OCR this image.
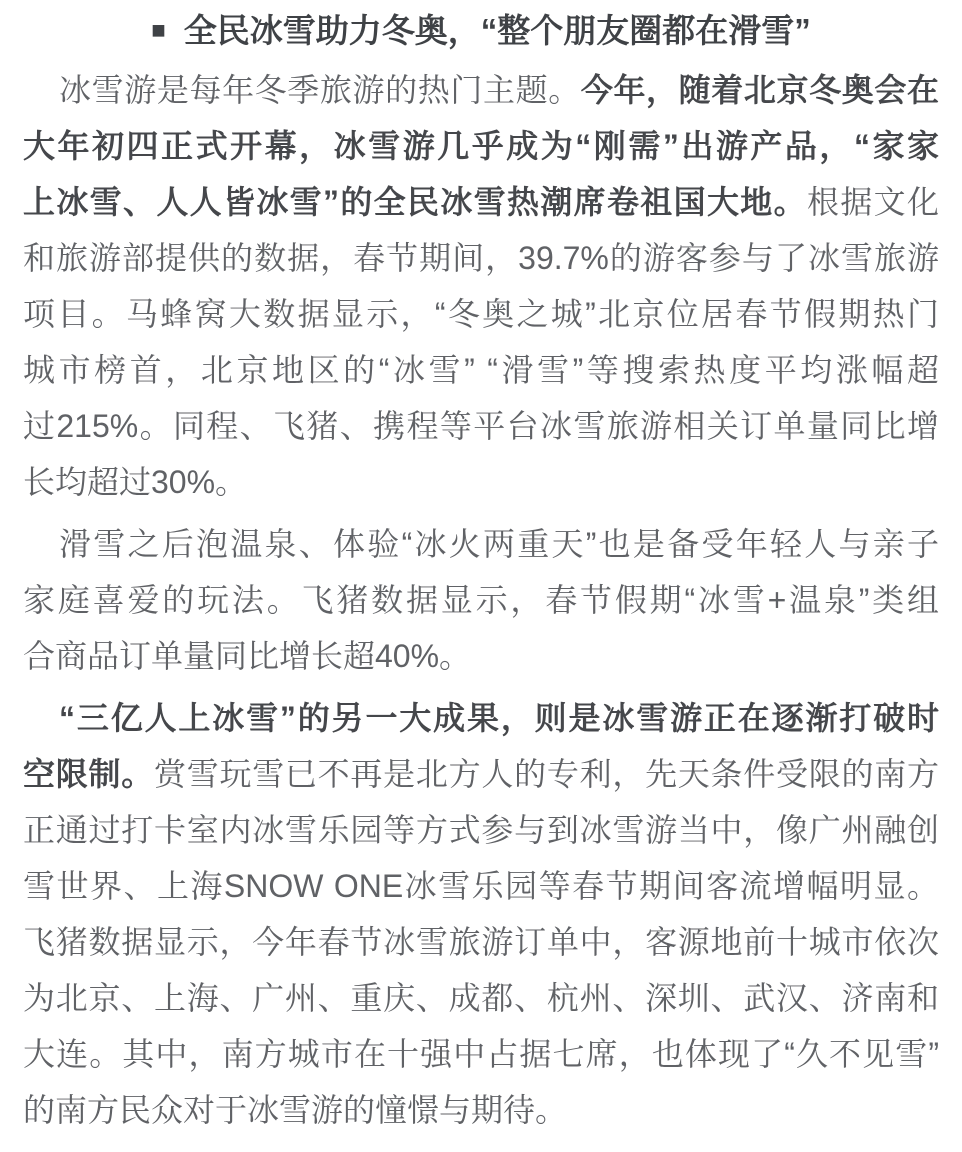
■ 全民冰雪助力冬奥，“整个朋友圈都在滑雪”
冰雪游是每年冬季旅游的热门主题。今年，随着北京冬奥会在
大年初四正式开幕，冰雪游几乎成为“刚需”出游产品，“家家
上冰雪、人人皆冰雪”的全民冰雪热潮席卷祖国大地。根据文化
和旅游部提供的数据，春节期间，39.7%的游客参与了冰雪旅游
项目。马蜂窝大数据显示，“冬奥之城”北京位居春节假期热门
城市榜首，北京地区的“冰雪” “滑雪”等搜索热度平均涨幅超
过215%。同程、飞猪、携程等平台冰雪旅游相关订单量同比增
长均超过30%。
滑雪之后泡温泉、体验“冰火两重天”也是备受年轻人与亲子
家庭喜爱的玩法。飞猪数据显示，春节假期“冰雪+温泉”类组
合商品订单量同比增长超40%。
“三亿人上冰雪”的另一大成果，则是冰雪游正在逐渐打破时
空限制。赏雪玩雪已不再是北方人的专利，先天条件受限的南方
正通过打卡室内冰雪乐园等方式参与到冰雪游当中，像广州融创
雪世界、上海SNOW ONE冰雪乐园等春节期间客流增幅明显。
飞猪数据显示，今年春节冰雪旅游订单中，客源地前十城市依次
为北京、上海、广州、重庆、成都、杭州、深圳、武汉、济南和
大连。其中，南方城市在十强中占据七席，也体现了“久不见雪”
的南方民众对于冰雪游的憧憬与期待。
